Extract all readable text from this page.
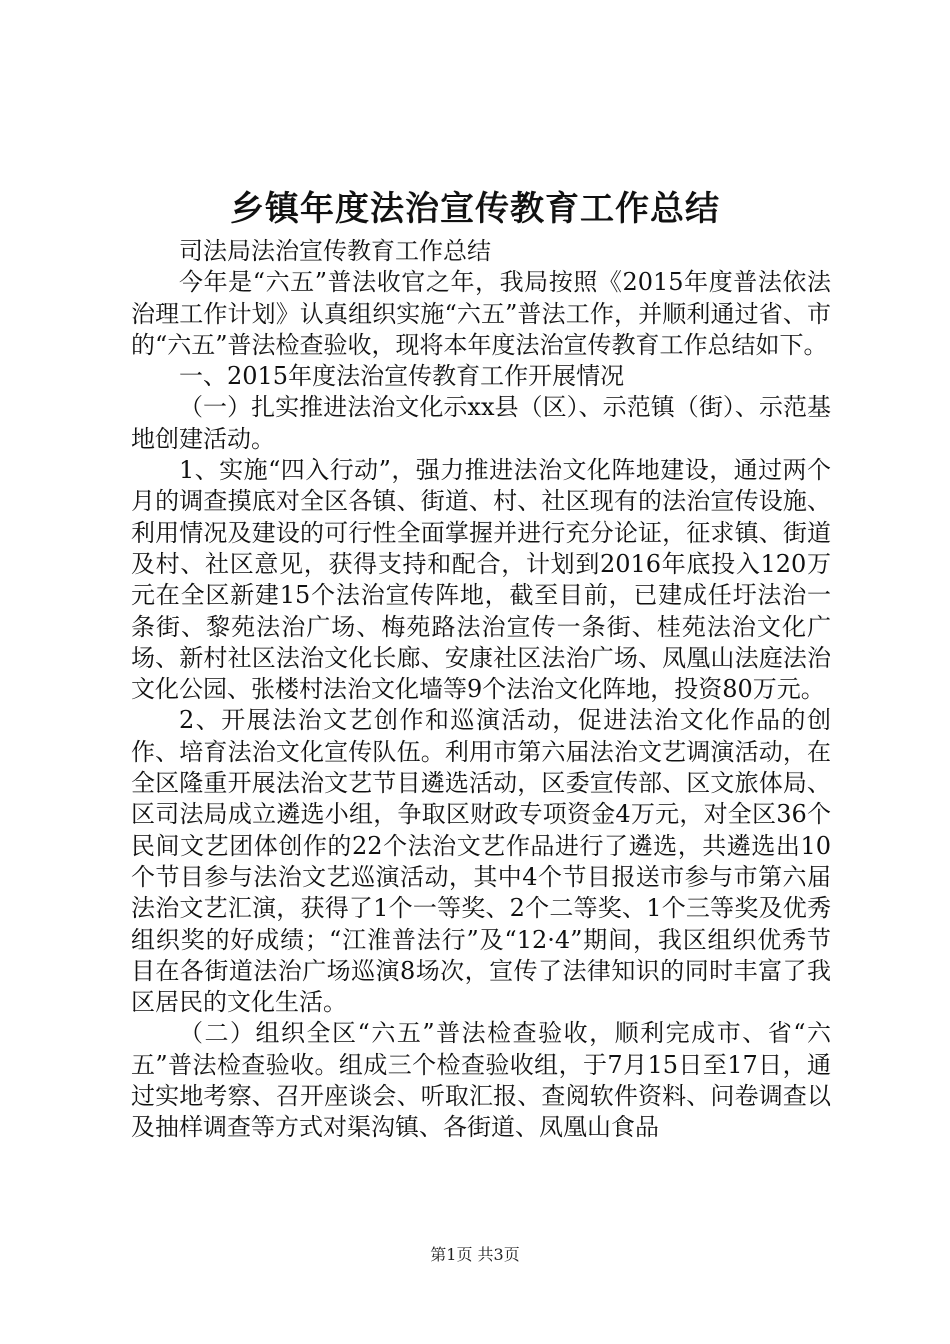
乡镇年度法治宣传教育工作总结

司法局法治宣传教育工作总结

今年是“六五”普法收官之年，我局按照《2015年度普法依法治理工作计划》认真组织实施“六五”普法工作，并顺利通过省、市的“六五”普法检查验收，现将本年度法治宣传教育工作总结如下。

一、2015年度法治宣传教育工作开展情况

（一）扎实推进法治文化示xx县（区）、示范镇（街）、示范基地创建活动。

1、实施“四入行动”，强力推进法治文化阵地建设，通过两个月的调查摸底对全区各镇、街道、村、社区现有的法治宣传设施、利用情况及建设的可行性全面掌握并进行充分论证，征求镇、街道及村、社区意见，获得支持和配合，计划到2016年底投入120万元在全区新建15个法治宣传阵地，截至目前，已建成任圩法治一条街、黎苑法治广场、梅苑路法治宣传一条街、桂苑法治文化广场、新村社区法治文化长廊、安康社区法治广场、凤凰山法庭法治文化公园、张楼村法治文化墙等9个法治文化阵地，投资80万元。

2、开展法治文艺创作和巡演活动，促进法治文化作品的创作、培育法治文化宣传队伍。利用市第六届法治文艺调演活动，在全区隆重开展法治文艺节目遴选活动，区委宣传部、区文旅体局、区司法局成立遴选小组，争取区财政专项资金4万元，对全区36个民间文艺团体创作的22个法治文艺作品进行了遴选，共遴选出10个节目参与法治文艺巡演活动，其中4个节目报送市参与市第六届法治文艺汇演，获得了1个一等奖、2个二等奖、1个三等奖及优秀组织奖的好成绩；“江淮普法行”及“12·4”期间，我区组织优秀节目在各街道法治广场巡演8场次，宣传了法律知识的同时丰富了我区居民的文化生活。

（二）组织全区“六五”普法检查验收，顺利完成市、省“六五”普法检查验收。组成三个检查验收组，于7月15日至17日，通过实地考察、召开座谈会、听取汇报、查阅软件资料、问卷调查以及抽样调查等方式对渠沟镇、各街道、凤凰山食品

第1页 共3页
